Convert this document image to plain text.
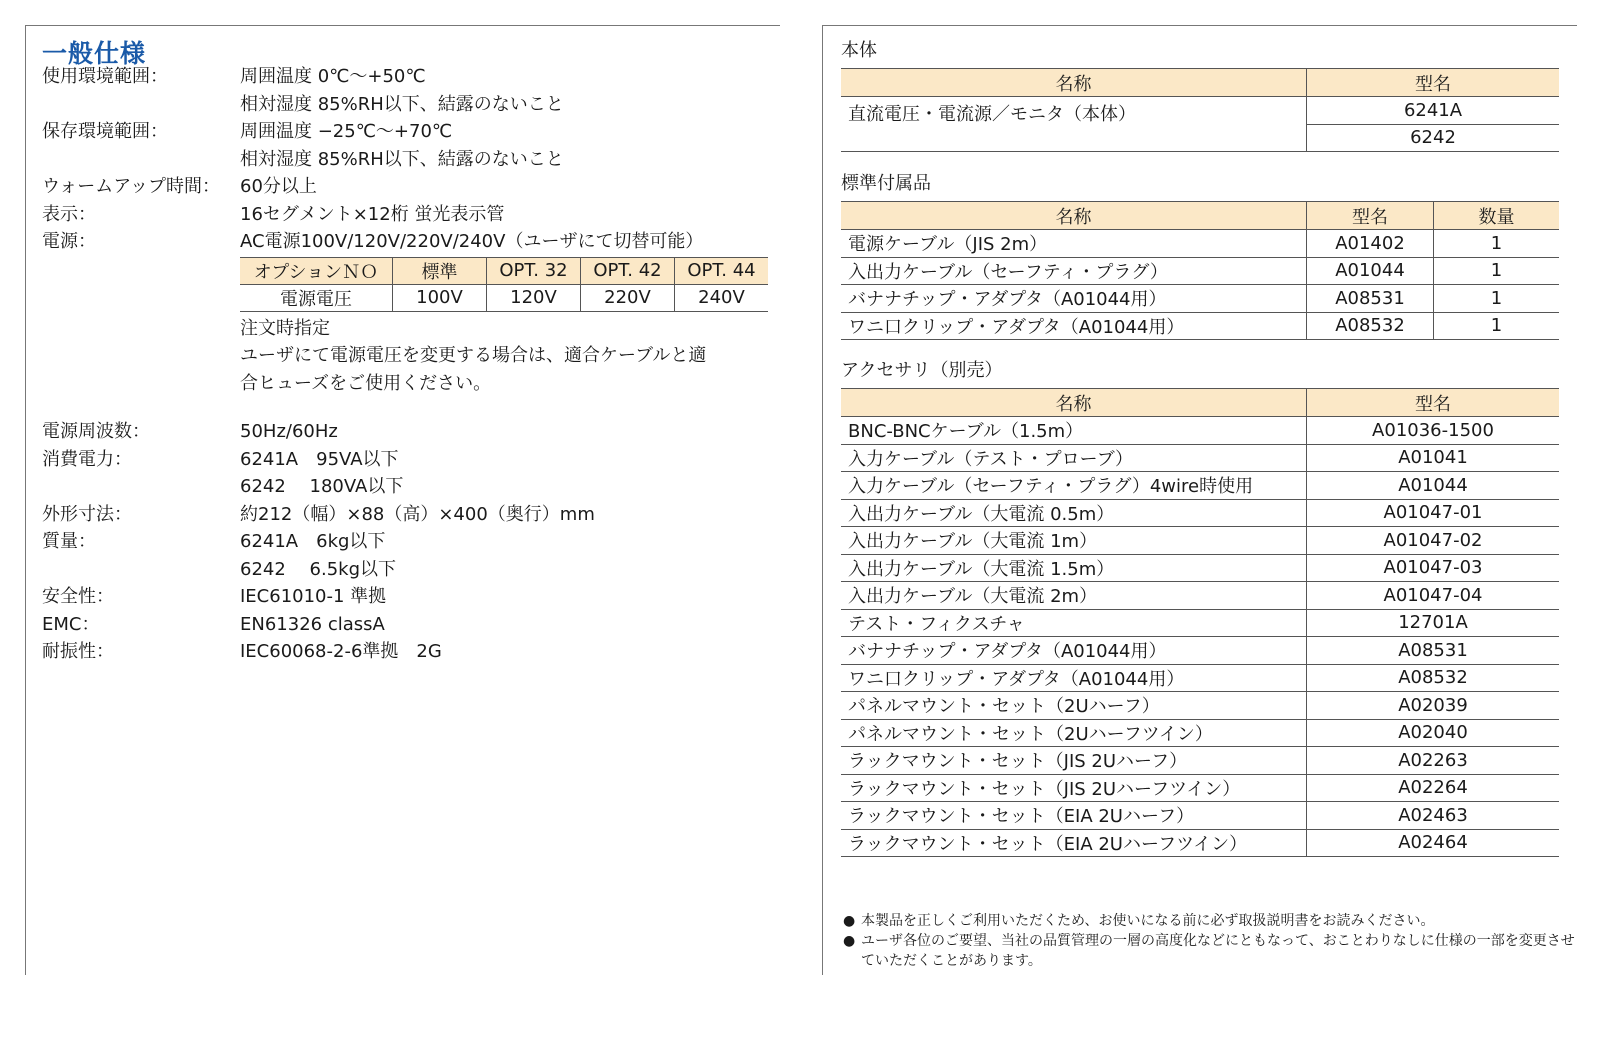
一般仕様
使用環境範囲：	周囲温度 0℃〜+50℃
相対湿度 85%RH以下、結露のないこと
保存環境範囲：	周囲温度 −25℃〜+70℃
相対湿度 85%RH以下、結露のないこと
ウォームアップ時間： 60分以上
表示：	16セグメント×12桁 蛍光表示管
電源：	AC電源100V/120V/220V/240V（ユーザにて切替可能）
オプションＮＯ	標準	OPT. 32	OPT. 42	OPT. 44
電源電圧	100V	120V	220V	240V
注文時指定
ユーザにて電源電圧を変更する場合は、適合ケーブルと適
合ヒューズをご使用ください。
電源周波数：	50Hz/60Hz
消費電力：	6241A　95VA以下
6242　 180VA以下
外形寸法：	約212（幅）×88（高）×400（奥行）mm
質量：	6241A　6kg以下
6242　 6.5kg以下
安全性：	IEC61010-1 準拠
EMC：	EN61326 classA
耐振性：	IEC60068-2-6準拠　2G
本体
名称	型名
直流電圧・電流源／モニタ（本体）	6241A
	6242
標準付属品
名称	型名	数量
電源ケーブル（JIS 2m）	A01402	1
入出力ケーブル（セーフティ・プラグ）	A01044	1
バナナチップ・アダプタ（A01044用）	A08531	1
ワニ口クリップ・アダプタ（A01044用）	A08532	1
アクセサリ（別売）
名称	型名
BNC-BNCケーブル（1.5m）	A01036-1500
入力ケーブル（テスト・プローブ）	A01041
入力ケーブル（セーフティ・プラグ）4wire時使用	A01044
入出力ケーブル（大電流 0.5m）	A01047-01
入出力ケーブル（大電流 1m）	A01047-02
入出力ケーブル（大電流 1.5m）	A01047-03
入出力ケーブル（大電流 2m）	A01047-04
テスト・フィクスチャ	12701A
バナナチップ・アダプタ（A01044用）	A08531
ワニ口クリップ・アダプタ（A01044用）	A08532
パネルマウント・セット（2Uハーフ）	A02039
パネルマウント・セット（2Uハーフツイン）	A02040
ラックマウント・セット（JIS 2Uハーフ）	A02263
ラックマウント・セット（JIS 2Uハーフツイン）	A02264
ラックマウント・セット（EIA 2Uハーフ）	A02463
ラックマウント・セット（EIA 2Uハーフツイン）	A02464
● 本製品を正しくご利用いただくため、お使いになる前に必ず取扱説明書をお読みください。
● ユーザ各位のご要望、当社の品質管理の一層の高度化などにともなって、おことわりなしに仕様の一部を変更させていただくことがあります。
